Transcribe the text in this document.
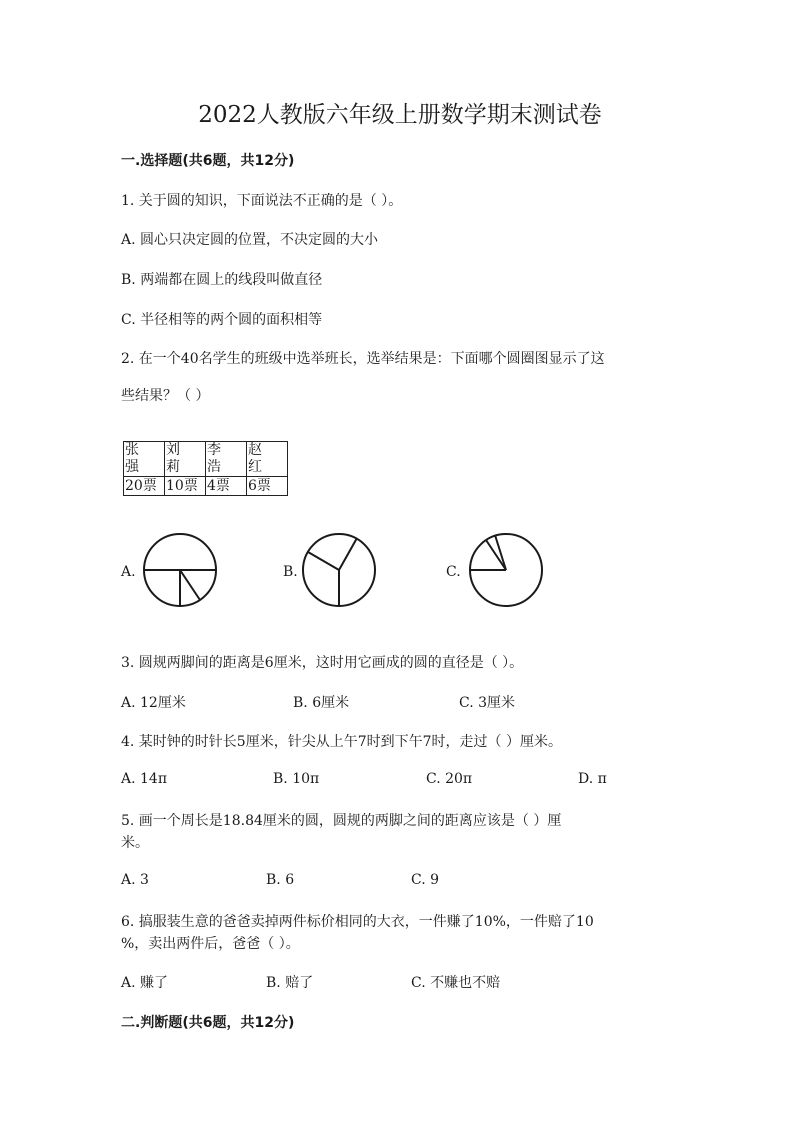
2022人教版六年级上册数学期末测试卷
一.选择题(共6题，共12分)
1. 关于圆的知识，下面说法不正确的是（ ）。
A. 圆心只决定圆的位置，不决定圆的大小
B. 两端都在圆上的线段叫做直径
C. 半径相等的两个圆的面积相等
2. 在一个40名学生的班级中选举班长，选举结果是：下面哪个圆圈图显示了这
些结果？（ ）
张 强	刘 莉	李 浩	赵 红
20票	10票	4票	6票
A.	B.	C.
3. 圆规两脚间的距离是6厘米，这时用它画成的圆的直径是（ ）。
A. 12厘米	B. 6厘米	C. 3厘米
4. 某时钟的时针长5厘米，针尖从上午7时到下午7时，走过（ ）厘米。
A. 14π	B. 10π	C. 20π	D. π
5. 画一个周长是18.84厘米的圆，圆规的两脚之间的距离应该是（ ）厘
米。
A. 3	B. 6	C. 9
6. 搞服装生意的爸爸卖掉两件标价相同的大衣，一件赚了10%，一件赔了10
%，卖出两件后，爸爸（ ）。
A. 赚了	B. 赔了	C. 不赚也不赔
二.判断题(共6题，共12分)
